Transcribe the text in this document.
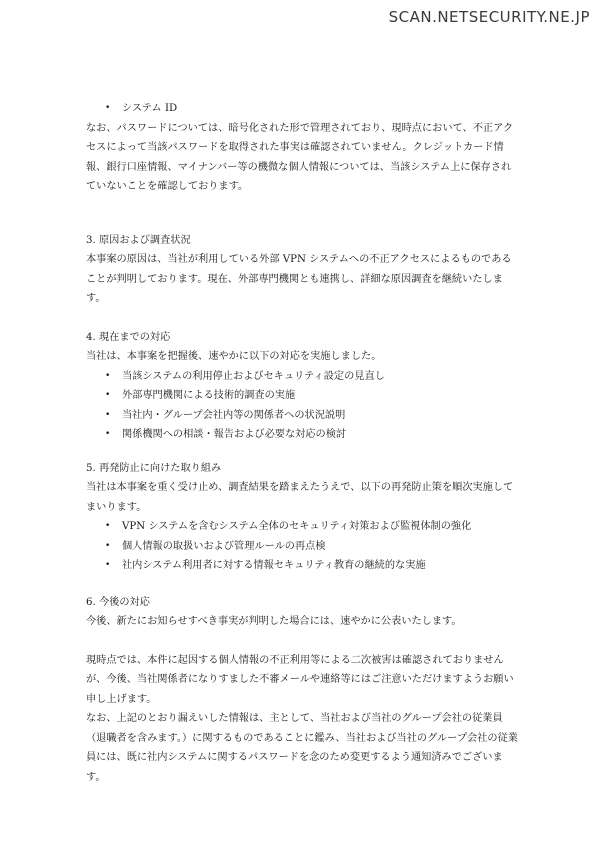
SCAN.NETSECURITY.NE.JP
• システム ID

なお、パスワードについては、暗号化された形で管理されており、現時点において、不正アクセスによって当該パスワードを取得された事実は確認されていません。クレジットカード情報、銀行口座情報、マイナンバー等の機微な個人情報については、当該システム上に保存されていないことを確認しております。

3. 原因および調査状況

本事案の原因は、当社が利用している外部 VPN システムへの不正アクセスによるものであることが判明しております。現在、外部専門機関とも連携し、詳細な原因調査を継続いたします。

4. 現在までの対応

当社は、本事案を把握後、速やかに以下の対応を実施しました。

• 当該システムの利用停止およびセキュリティ設定の見直し
• 外部専門機関による技術的調査の実施
• 当社内・グループ会社内等の関係者への状況説明
• 関係機関への相談・報告および必要な対応の検討

5. 再発防止に向けた取り組み

当社は本事案を重く受け止め、調査結果を踏まえたうえで、以下の再発防止策を順次実施してまいります。

• VPN システムを含むシステム全体のセキュリティ対策および監視体制の強化
• 個人情報の取扱いおよび管理ルールの再点検
• 社内システム利用者に対する情報セキュリティ教育の継続的な実施

6. 今後の対応

今後、新たにお知らせすべき事実が判明した場合には、速やかに公表いたします。

現時点では、本件に起因する個人情報の不正利用等による二次被害は確認されておりませんが、今後、当社関係者になりすました不審メールや連絡等にはご注意いただけますようお願い申し上げます。

なお、上記のとおり漏えいした情報は、主として、当社および当社のグループ会社の従業員（退職者を含みます。）に関するものであることに鑑み、当社および当社のグループ会社の従業員には、既に社内システムに関するパスワードを念のため変更するよう通知済みでございます。
